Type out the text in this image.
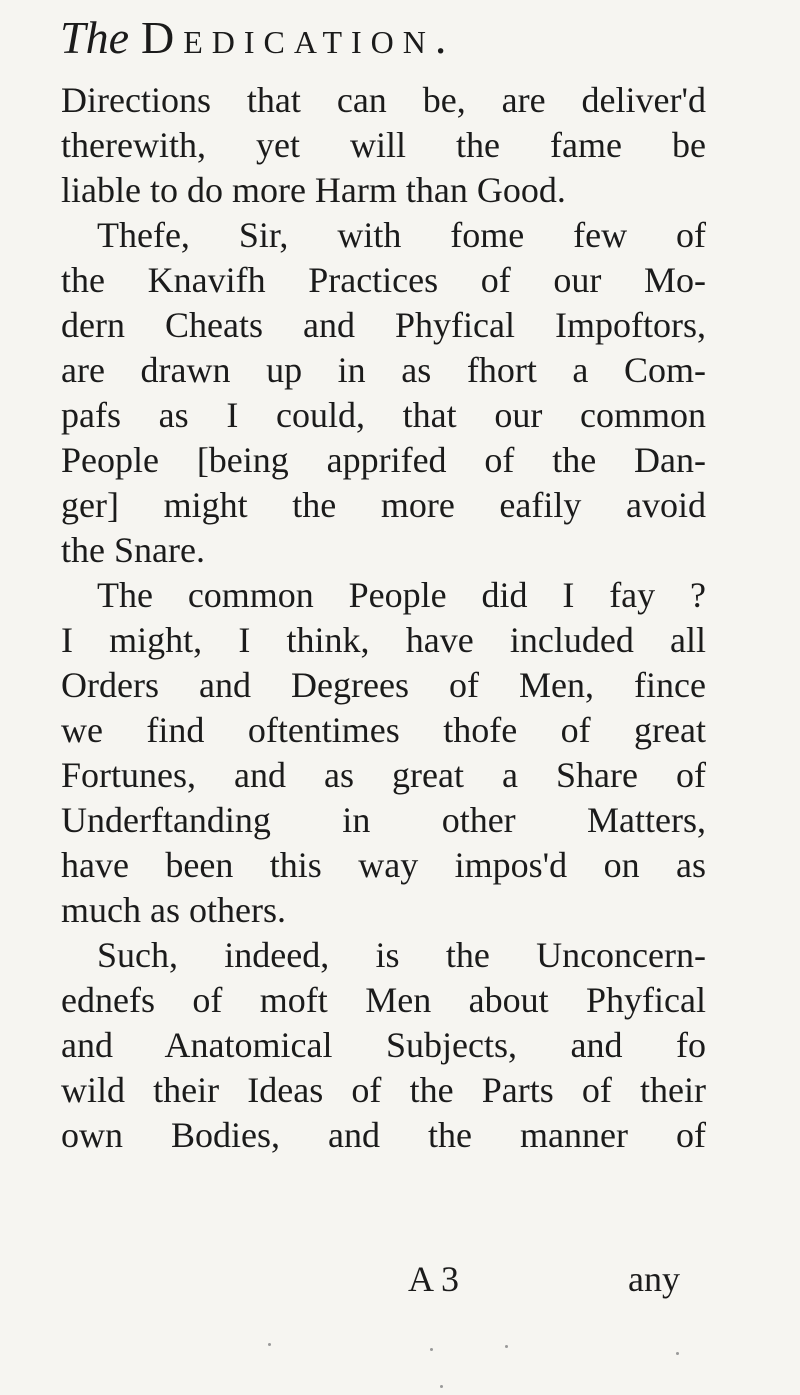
The Dedication.
Directions that can be, are deliver'd
therewith, yet will the fame be
liable to do more Harm than Good.
Thefe, Sir, with fome few of
the Knavifh Practices of our Mo-
dern Cheats and Phyfical Impoftors,
are drawn up in as fhort a Com-
pafs as I could, that our common
People [being apprifed of the Dan-
ger] might the more eafily avoid
the Snare.
The common People did I fay ?
I might, I think, have included all
Orders and Degrees of Men, fince
we find oftentimes thofe of great
Fortunes, and as great a Share of
Underftanding in other Matters,
have been this way impos'd on as
much as others.
Such, indeed, is the Unconcern-
ednefs of moft Men about Phyfical
and Anatomical Subjects, and fo
wild their Ideas of the Parts of their
own Bodies, and the manner of
A 3	any
